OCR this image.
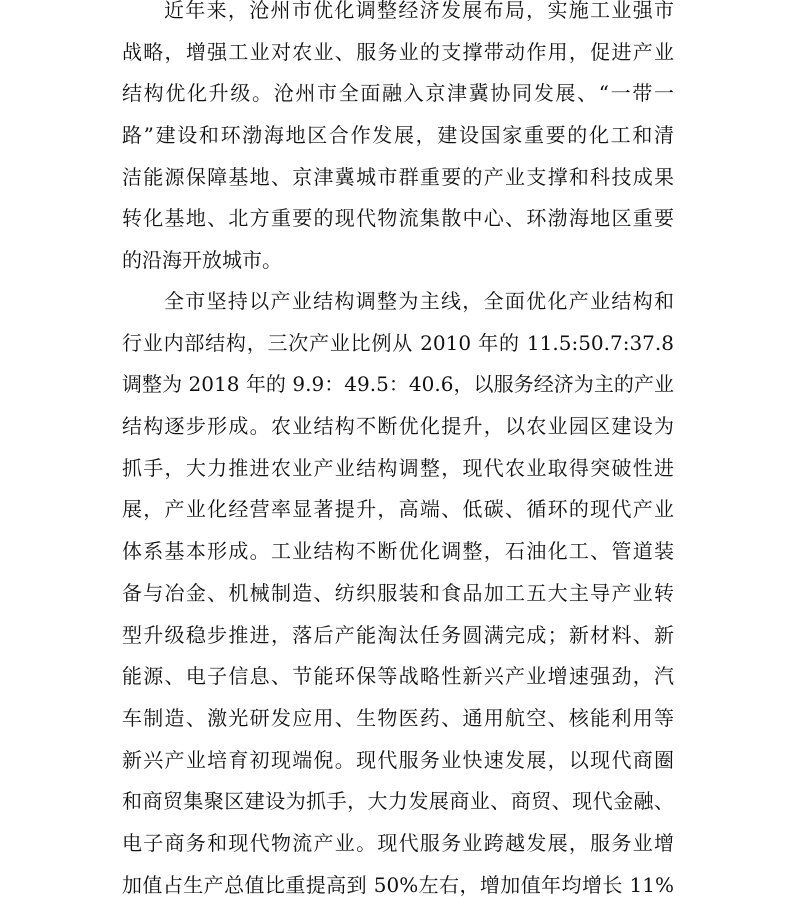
近年来，沧州市优化调整经济发展布局，实施工业强市
战略，增强工业对农业、服务业的支撑带动作用，促进产业
结构优化升级。沧州市全面融入京津冀协同发展、“一带一
路”建设和环渤海地区合作发展，建设国家重要的化工和清
洁能源保障基地、京津冀城市群重要的产业支撑和科技成果
转化基地、北方重要的现代物流集散中心、环渤海地区重要
的沿海开放城市。
全市坚持以产业结构调整为主线，全面优化产业结构和
行业内部结构，三次产业比例从 2010 年的 11.5:50.7:37.8
调整为 2018 年的 9.9：49.5：40.6，以服务经济为主的产业
结构逐步形成。农业结构不断优化提升，以农业园区建设为
抓手，大力推进农业产业结构调整，现代农业取得突破性进
展，产业化经营率显著提升，高端、低碳、循环的现代产业
体系基本形成。工业结构不断优化调整，石油化工、管道装
备与冶金、机械制造、纺织服装和食品加工五大主导产业转
型升级稳步推进，落后产能淘汰任务圆满完成；新材料、新
能源、电子信息、节能环保等战略性新兴产业增速强劲，汽
车制造、激光研发应用、生物医药、通用航空、核能利用等
新兴产业培育初现端倪。现代服务业快速发展，以现代商圈
和商贸集聚区建设为抓手，大力发展商业、商贸、现代金融、
电子商务和现代物流产业。现代服务业跨越发展，服务业增
加值占生产总值比重提高到 50%左右，增加值年均增长 11%
